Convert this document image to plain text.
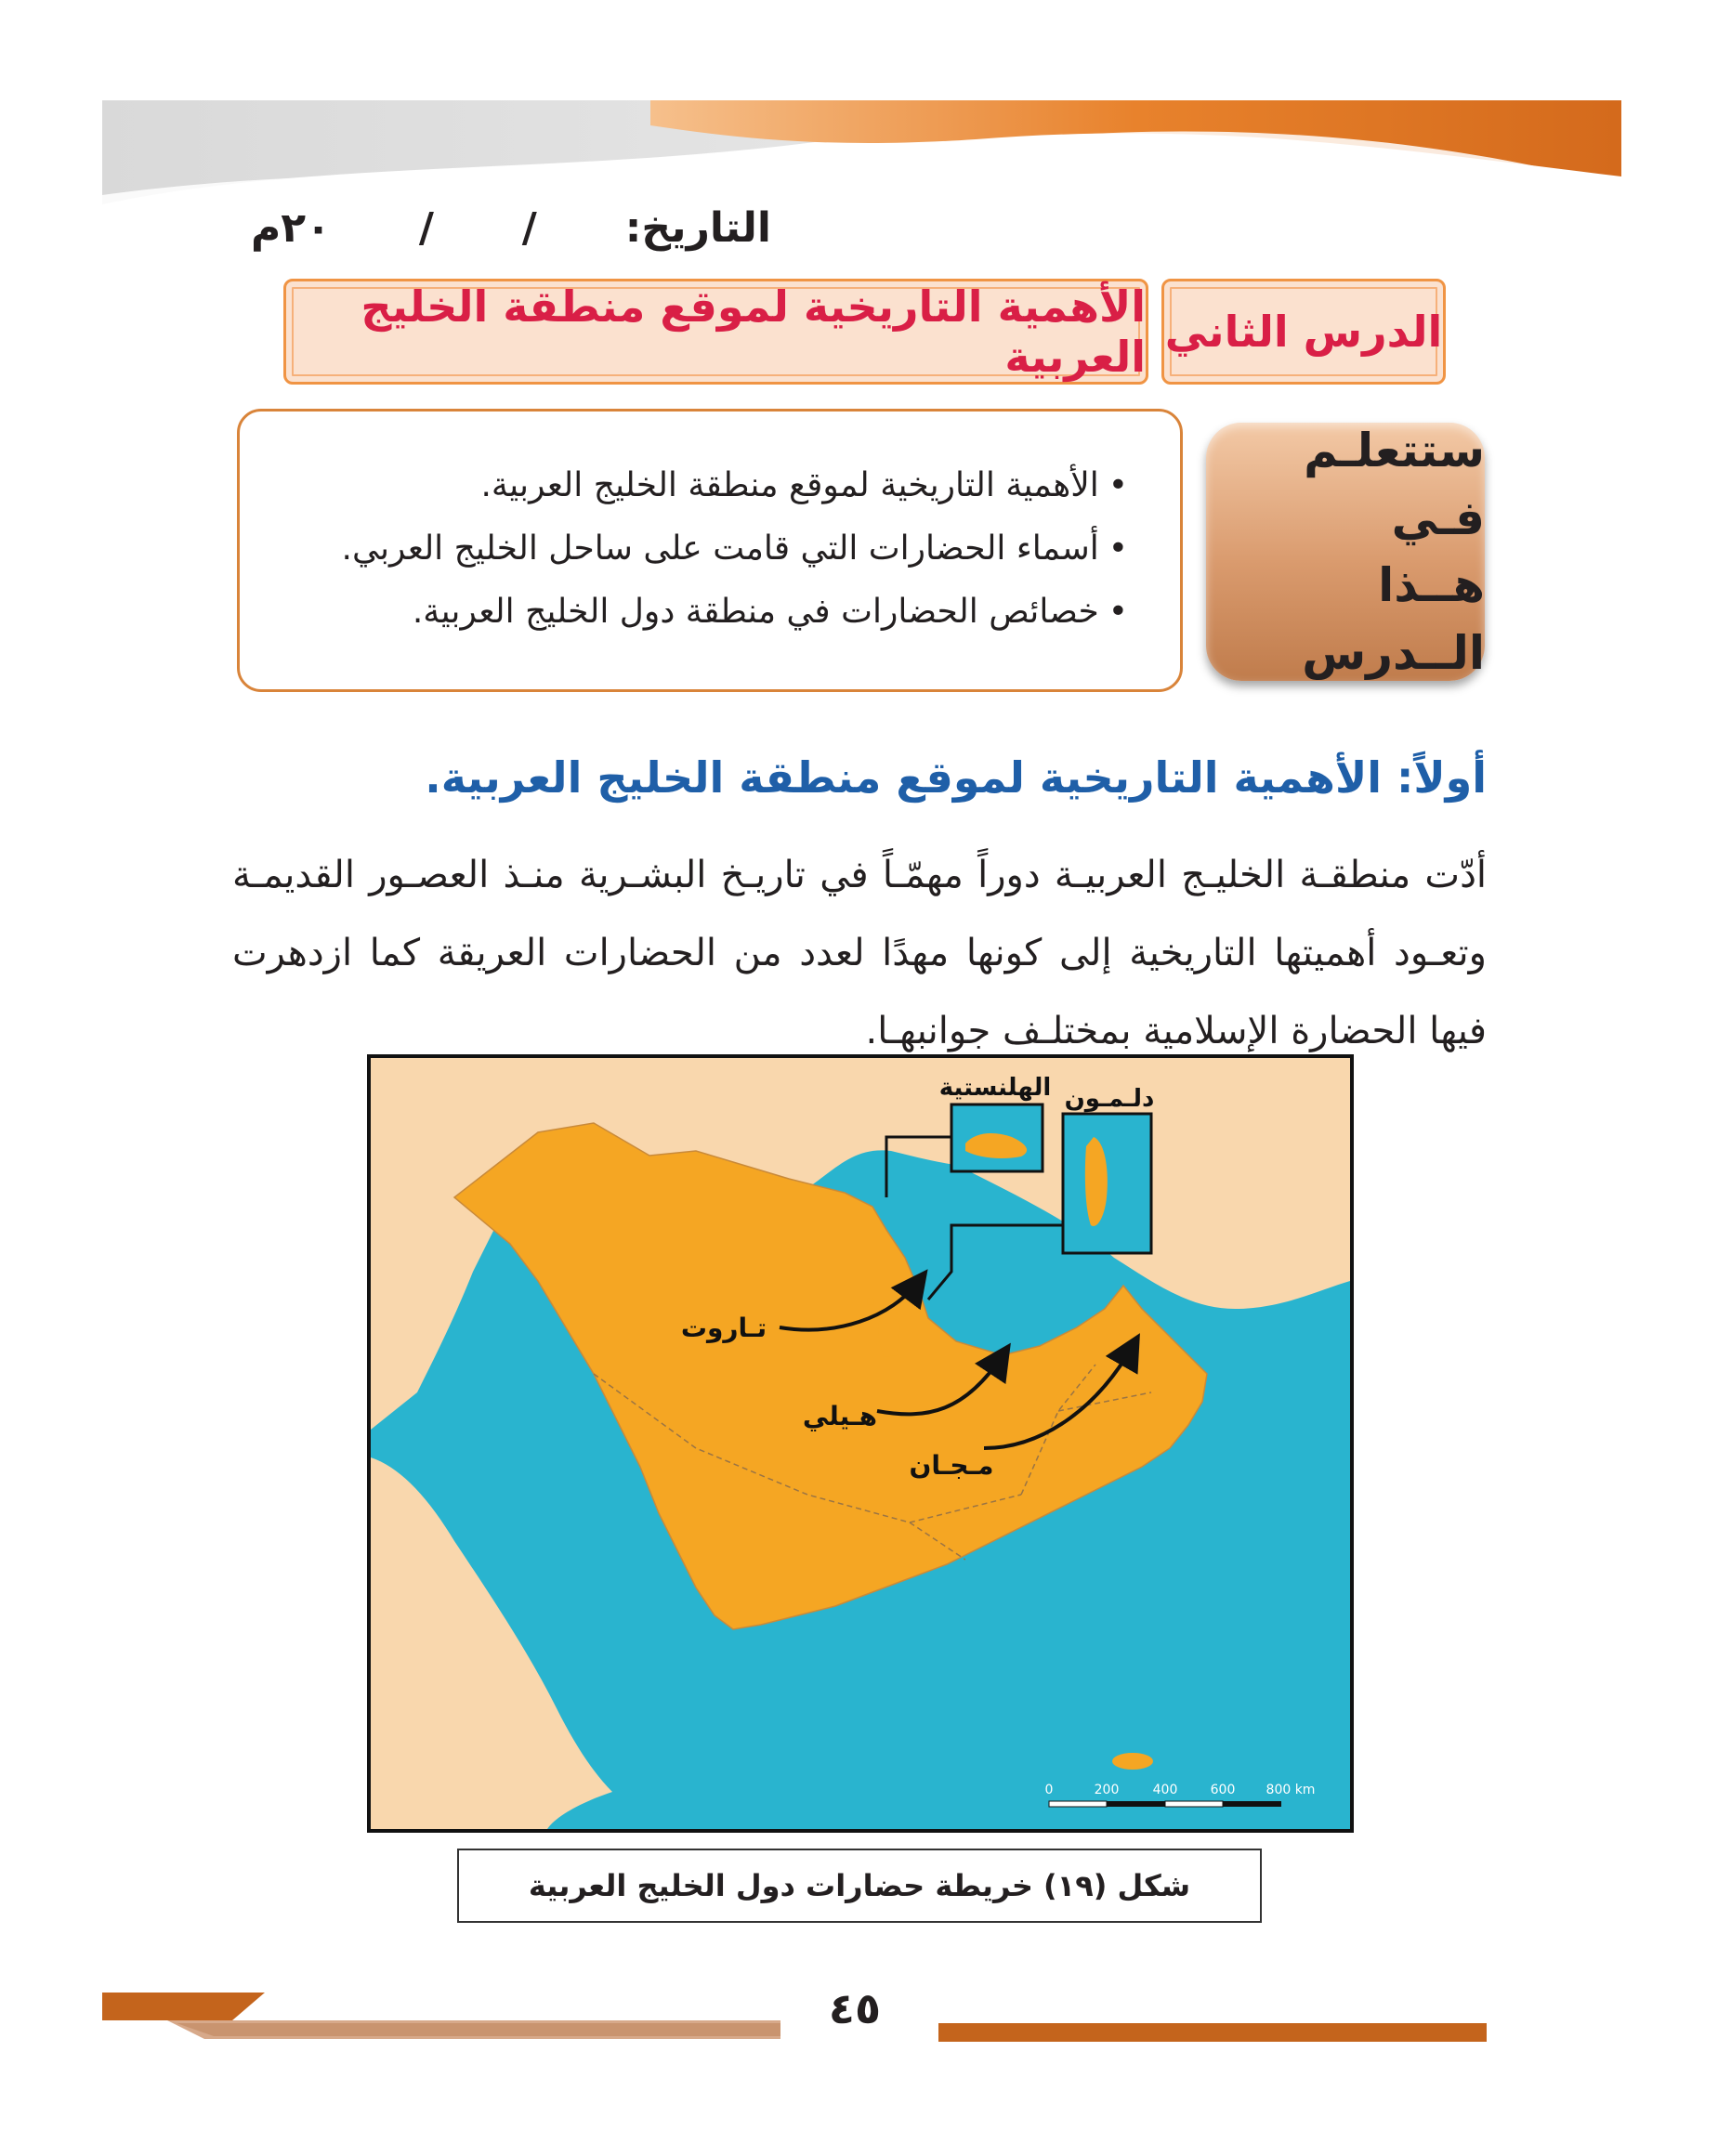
التاريخ:
/
/
٢٠م
الدرس الثاني
الأهمية التاريخية لموقع منطقة الخليج العربية
ستتعلـم فـي
هــذا الــدرس
• الأهمية التاريخية لموقع منطقة الخليج العربية.
• أسماء الحضارات التي قامت على ساحل الخليج العربي.
• خصائص الحضارات في منطقة دول الخليج العربية.
أولاً: الأهمية التاريخية لموقع منطقة الخليج العربية.
أدّت منطقـة الخليـج العربيـة دوراً مهمّـاً في تاريـخ البشـرية منـذ العصـور القديمـة وتعـود أهميتها التاريخية إلى كونها مهدًا لعدد من الحضارات العريقة كما ازدهرت فيها الحضارة الإسلامية بمختلـف جوانبهـا.
الهلنستية دلـمـون
تـاروت
هـيلي
مـجـان
0	200	400	600 800 km
شكل (١٩) خريطة حضارات دول الخليج العربية
٤٥
